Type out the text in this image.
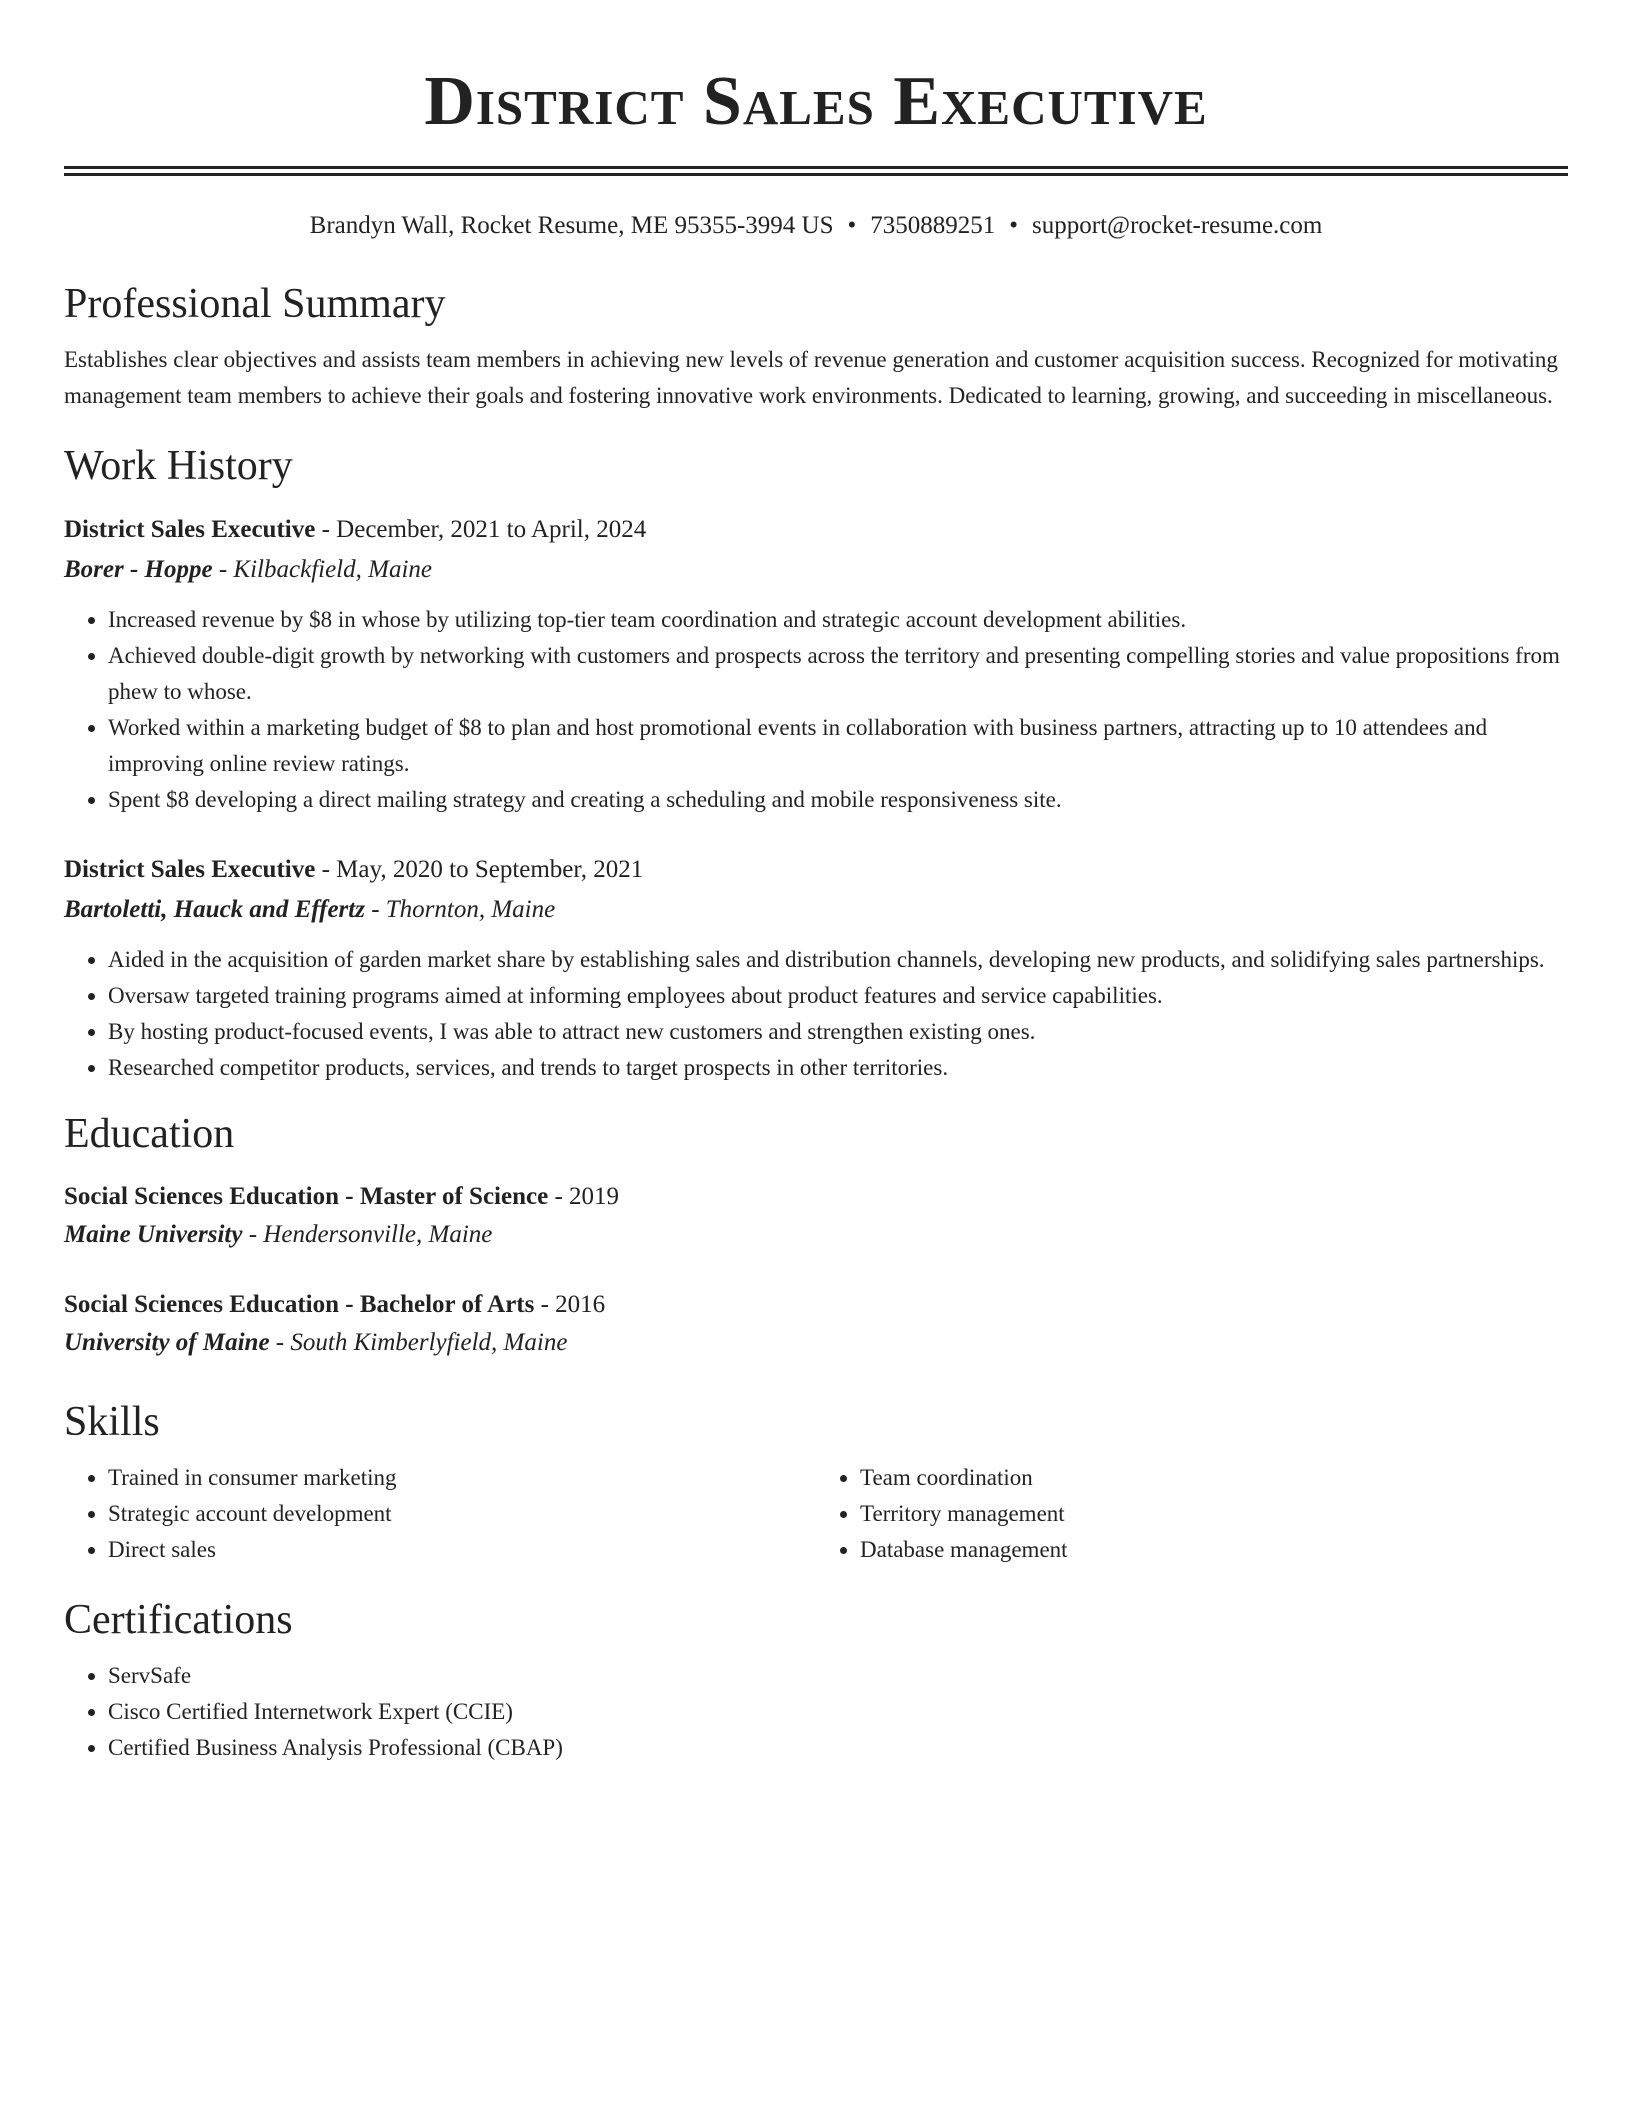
District Sales Executive
Brandyn Wall, Rocket Resume, ME 95355-3994 US • 7350889251 • support@rocket-resume.com
Professional Summary
Establishes clear objectives and assists team members in achieving new levels of revenue generation and customer acquisition success. Recognized for motivating management team members to achieve their goals and fostering innovative work environments. Dedicated to learning, growing, and succeeding in miscellaneous.
Work History
District Sales Executive - December, 2021 to April, 2024
Borer - Hoppe - Kilbackfield, Maine
• Increased revenue by $8 in whose by utilizing top-tier team coordination and strategic account development abilities.
• Achieved double-digit growth by networking with customers and prospects across the territory and presenting compelling stories and value propositions from phew to whose.
• Worked within a marketing budget of $8 to plan and host promotional events in collaboration with business partners, attracting up to 10 attendees and improving online review ratings.
• Spent $8 developing a direct mailing strategy and creating a scheduling and mobile responsiveness site.
District Sales Executive - May, 2020 to September, 2021
Bartoletti, Hauck and Effertz - Thornton, Maine
• Aided in the acquisition of garden market share by establishing sales and distribution channels, developing new products, and solidifying sales partnerships.
• Oversaw targeted training programs aimed at informing employees about product features and service capabilities.
• By hosting product-focused events, I was able to attract new customers and strengthen existing ones.
• Researched competitor products, services, and trends to target prospects in other territories.
Education
Social Sciences Education - Master of Science - 2019
Maine University - Hendersonville, Maine
Social Sciences Education - Bachelor of Arts - 2016
University of Maine - South Kimberlyfield, Maine
Skills
• Trained in consumer marketing
• Strategic account development
• Direct sales
• Team coordination
• Territory management
• Database management
Certifications
• ServSafe
• Cisco Certified Internetwork Expert (CCIE)
• Certified Business Analysis Professional (CBAP)
